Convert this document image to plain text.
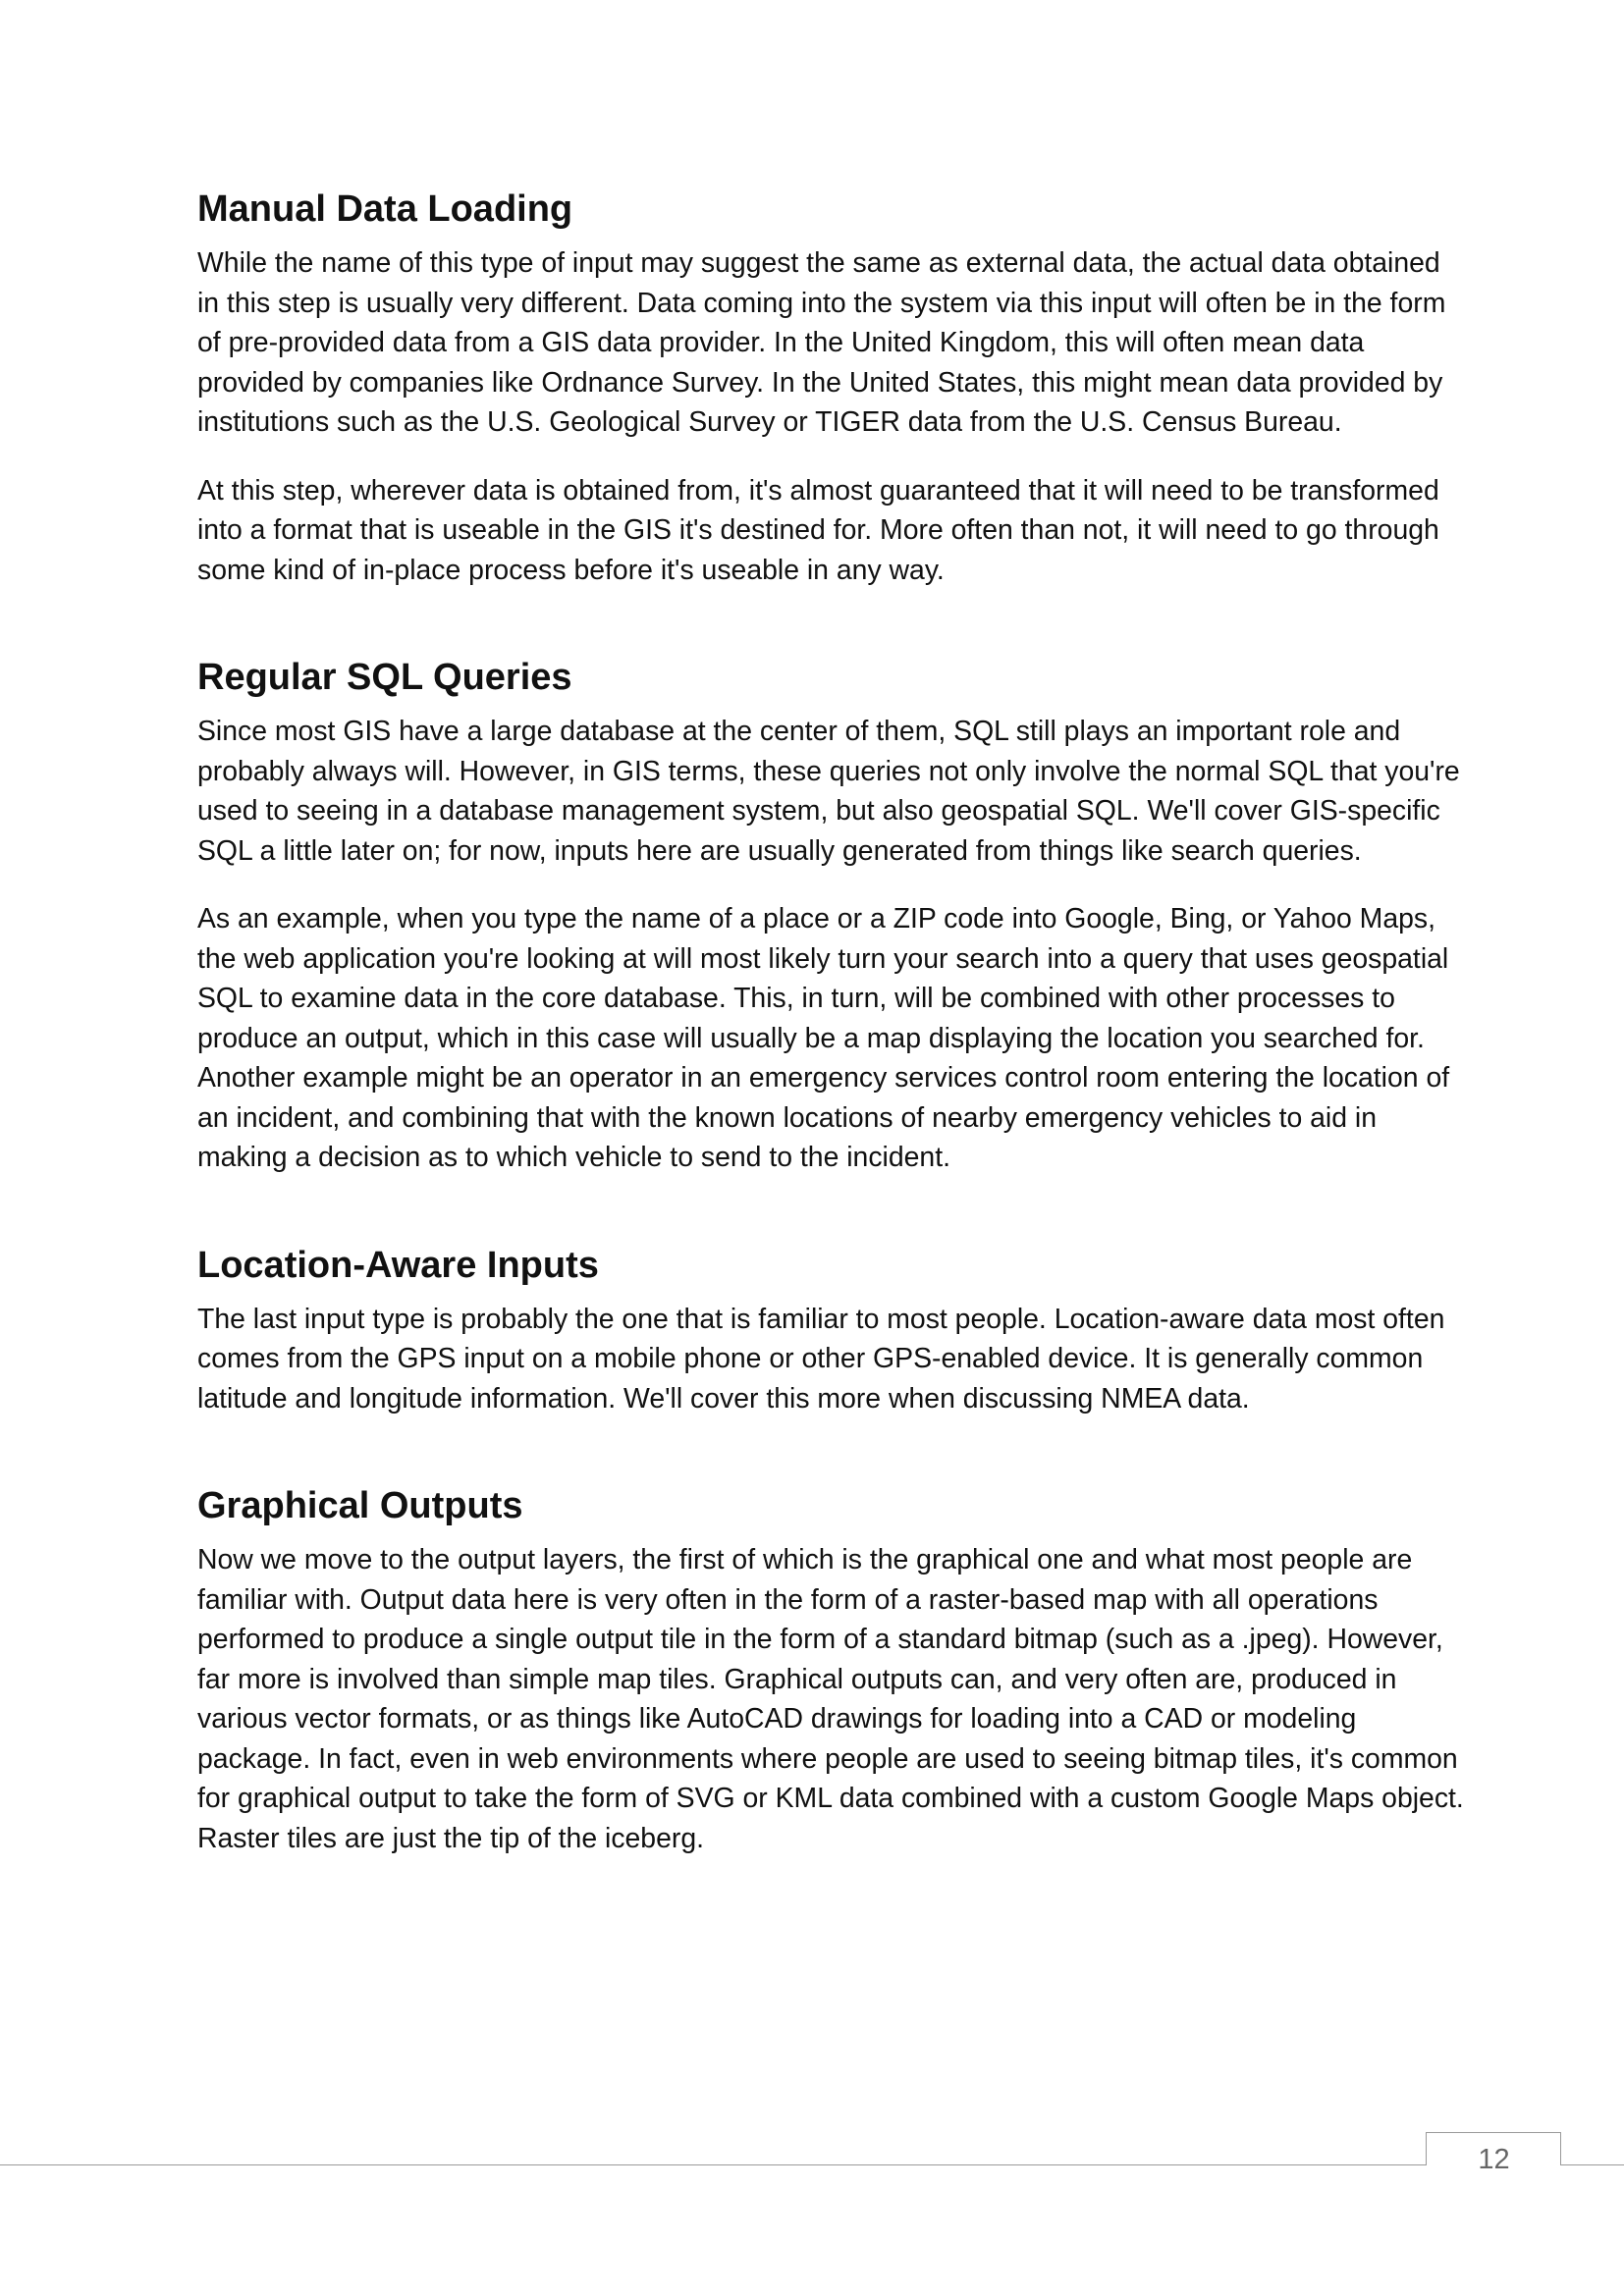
Manual Data Loading

While the name of this type of input may suggest the same as external data, the actual data obtained in this step is usually very different. Data coming into the system via this input will often be in the form of pre-provided data from a GIS data provider. In the United Kingdom, this will often mean data provided by companies like Ordnance Survey. In the United States, this might mean data provided by institutions such as the U.S. Geological Survey or TIGER data from the U.S. Census Bureau.

At this step, wherever data is obtained from, it's almost guaranteed that it will need to be transformed into a format that is useable in the GIS it's destined for. More often than not, it will need to go through some kind of in-place process before it's useable in any way.

Regular SQL Queries

Since most GIS have a large database at the center of them, SQL still plays an important role and probably always will. However, in GIS terms, these queries not only involve the normal SQL that you're used to seeing in a database management system, but also geospatial SQL. We'll cover GIS-specific SQL a little later on; for now, inputs here are usually generated from things like search queries.

As an example, when you type the name of a place or a ZIP code into Google, Bing, or Yahoo Maps, the web application you're looking at will most likely turn your search into a query that uses geospatial SQL to examine data in the core database. This, in turn, will be combined with other processes to produce an output, which in this case will usually be a map displaying the location you searched for. Another example might be an operator in an emergency services control room entering the location of an incident, and combining that with the known locations of nearby emergency vehicles to aid in making a decision as to which vehicle to send to the incident.

Location-Aware Inputs

The last input type is probably the one that is familiar to most people. Location-aware data most often comes from the GPS input on a mobile phone or other GPS-enabled device. It is generally common latitude and longitude information. We'll cover this more when discussing NMEA data.

Graphical Outputs

Now we move to the output layers, the first of which is the graphical one and what most people are familiar with. Output data here is very often in the form of a raster-based map with all operations performed to produce a single output tile in the form of a standard bitmap (such as a .jpeg). However, far more is involved than simple map tiles. Graphical outputs can, and very often are, produced in various vector formats, or as things like AutoCAD drawings for loading into a CAD or modeling package. In fact, even in web environments where people are used to seeing bitmap tiles, it's common for graphical output to take the form of SVG or KML data combined with a custom Google Maps object. Raster tiles are just the tip of the iceberg.

12
